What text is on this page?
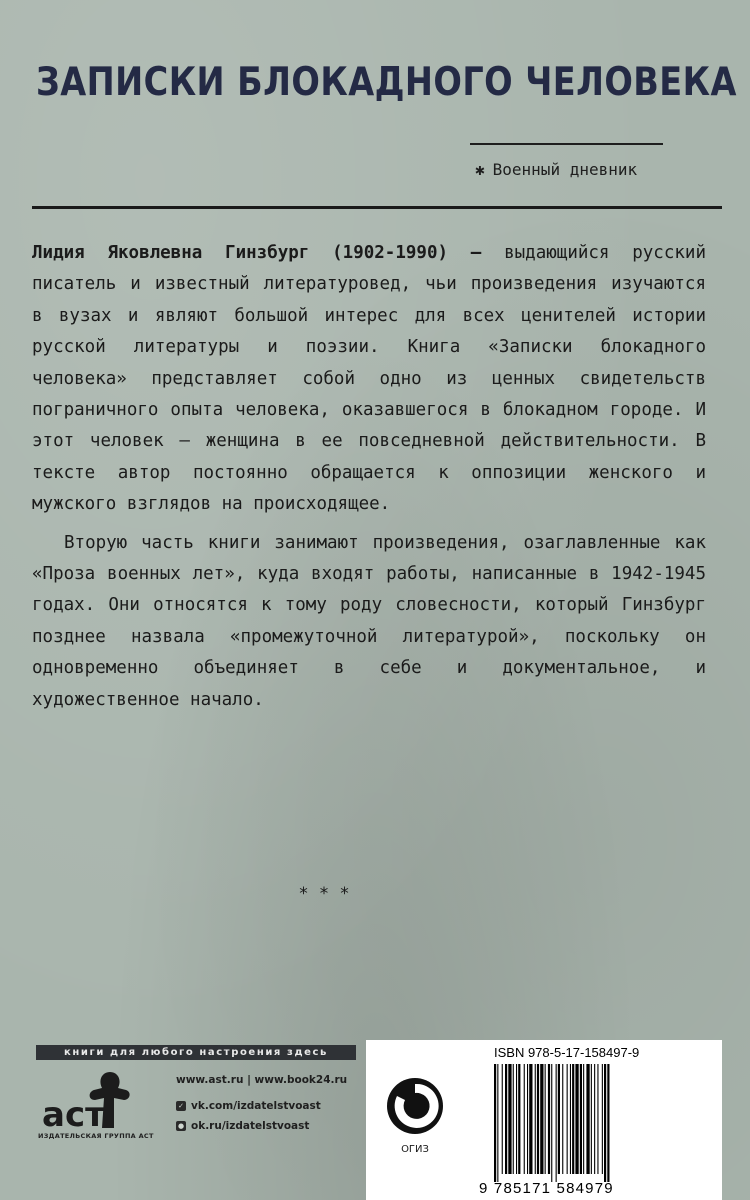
ЗАПИСКИ БЛОКАДНОГО ЧЕЛОВЕКА
✱ Военный дневник

Лидия Яковлевна Гинзбург (1902-1990) — выдающийся русский писатель и известный литературовед, чьи произведения изучаются в вузах и являют большой интерес для всех ценителей истории русской литературы и поэзии. Книга «Записки блокадного человека» представляет собой одно из ценных свидетельств пограничного опыта человека, оказавшегося в блокадном городе. И этот человек — женщина в ее повседневной действительности. В тексте автор постоянно обращается к оппозиции женского и мужского взглядов на происходящее.

Вторую часть книги занимают произведения, озаглавленные как «Проза военных лет», куда входят работы, написанные в 1942-1945 годах. Они относятся к тому роду словесности, который Гинзбург позднее назвала «промежуточной литературой», поскольку он одновременно объединяет в себе и документальное, и художественное начало.

***
книги для любого настроения здесь
аст
ИЗДАТЕЛЬСКАЯ ГРУППА АСТ
www.ast.ru | www.book24.ru
✓ vk.com/izdatelstvoast
● ok.ru/izdatelstvoast
ОГИЗ
ISBN 978-5-17-158497-9
9 785171 584979
